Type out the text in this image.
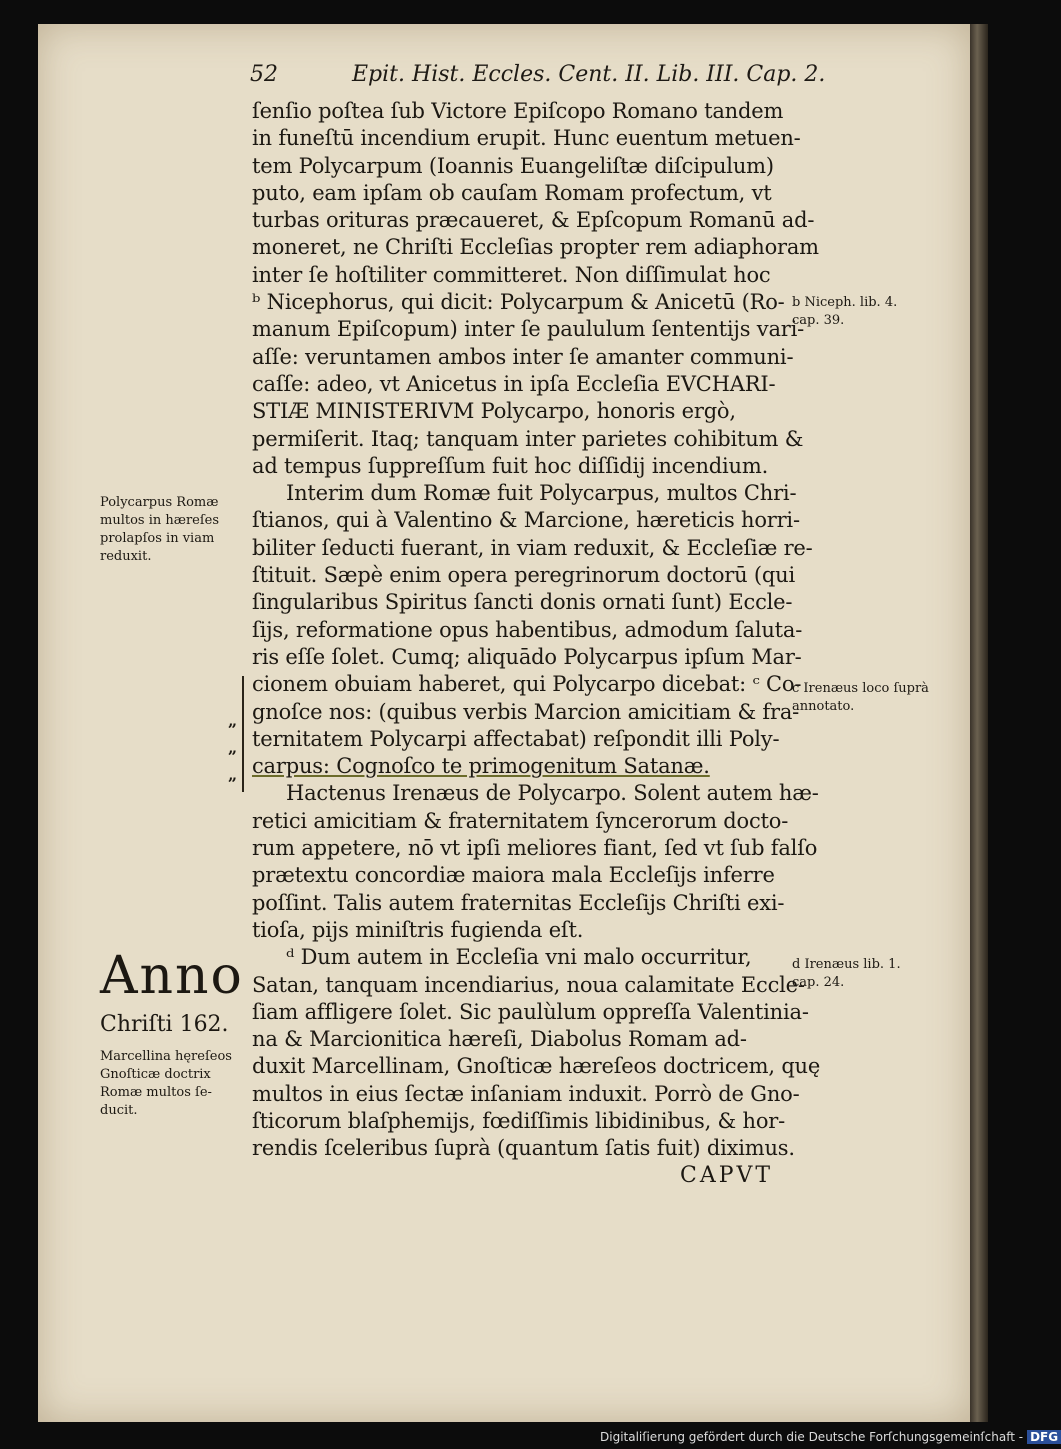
52	Epit. Hist. Eccles. Cent. II. Lib. III. Cap. 2.
ſenſio poſtea ſub Victore Epiſcopo Romano tandem
in funeſtū incendium erupit. Hunc euentum metuen-
tem Polycarpum (Ioannis Euangeliſtæ diſcipulum)
puto, eam ipſam ob cauſam Romam profectum, vt
turbas orituras præcaueret, & Epſcopum Romanū ad-
moneret, ne Chriſti Eccleſias propter rem adiaphoram
inter ſe hoſtiliter committeret. Non diſſimulat hoc
ᵇ Nicephorus, qui dicit: Polycarpum & Anicetū (Ro-
manum Epiſcopum) inter ſe paululum ſententijs vari-
aſſe: veruntamen ambos inter ſe amanter communi-
caſſe: adeo, vt Anicetus in ipſa Eccleſia EVCHARI-
STIÆ MINISTERIVM Polycarpo, honoris ergò,
permiſerit. Itaq; tanquam inter parietes cohibitum &
ad tempus ſuppreſſum fuit hoc diſſidij incendium.
Interim dum Romæ fuit Polycarpus, multos Chri-
ſtianos, qui à Valentino & Marcione, hæreticis horri-
biliter ſeducti fuerant, in viam reduxit, & Eccleſiæ re-
ſtituit. Sæpè enim opera peregrinorum doctorū (qui
ſingularibus Spiritus ſancti donis ornati ſunt) Eccle-
ſijs, reformatione opus habentibus, admodum ſaluta-
ris eſſe ſolet. Cumq; aliquādo Polycarpus ipſum Mar-
cionem obuiam haberet, qui Polycarpo dicebat: ᶜ Co-
gnoſce nos: (quibus verbis Marcion amicitiam & fra-
ternitatem Polycarpi affectabat) reſpondit illi Poly-
carpus: Cognoſco te primogenitum Satanæ.
Hactenus Irenæus de Polycarpo. Solent autem hæ-
retici amicitiam & fraternitatem ſyncerorum docto-
rum appetere, nō vt ipſi meliores fiant, ſed vt ſub falſo
prætextu concordiæ maiora mala Eccleſijs inferre
poſſint. Talis autem fraternitas Eccleſijs Chriſti exi-
tioſa, pijs miniſtris fugienda eſt.
ᵈ Dum autem in Eccleſia vni malo occurritur,
Satan, tanquam incendiarius, noua calamitate Eccle-
ſiam affligere ſolet. Sic paulùlum oppreſſa Valentinia-
na & Marcionitica hæreſi, Diabolus Romam ad-
duxit Marcellinam, Gnoſticæ hæreſeos doctricem, quę
multos in eius ſectæ inſaniam induxit. Porrò de Gno-
ſticorum blaſphemijs, fœdiſſimis libidinibus, & hor-
rendis ſceleribus ſuprà (quantum ſatis fuit) diximus.
„
„
„
Polycarpus Romæ
multos in hæreſes
prolapſos in viam
reduxit.
Anno
Chriſti 162.
Marcellina hęreſeos
Gnoſticæ doctrix
Romæ multos ſe-
ducit.
b Niceph. lib. 4.
cap. 39.
c Irenæus loco ſuprà
annotato.
d Irenæus lib. 1.
cap. 24.
CAPVT
Digitaliſierung gefördert durch die Deutsche Forſchungsgemeinſchaft - DFG
